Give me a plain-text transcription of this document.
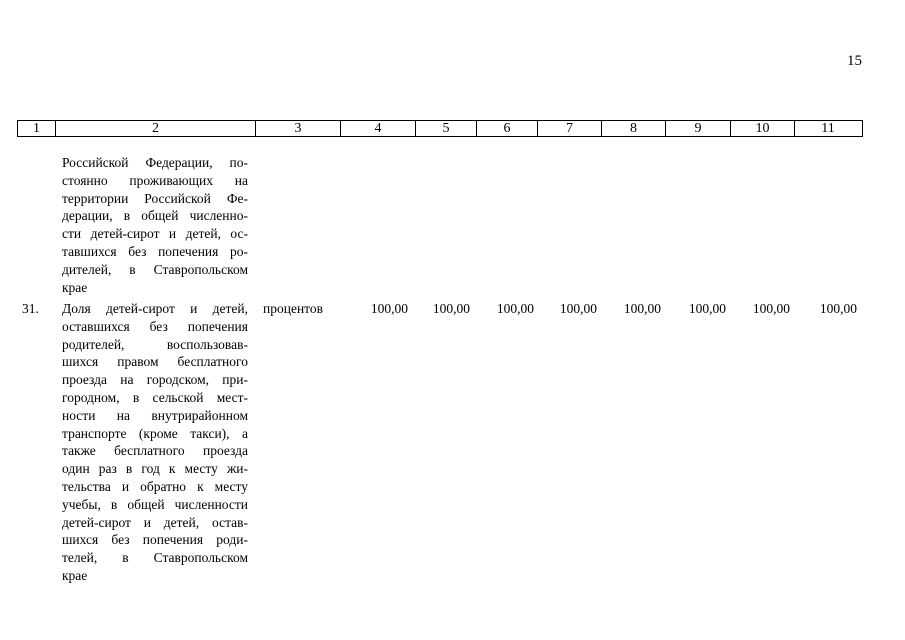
15
1	2	3	4	5	6	7	8	9	10	11
Российской Федерации, по-
стоянно проживающих на
территории Российской Фе-
дерации, в общей численно-
сти детей-сирот и детей, ос-
тавшихся без попечения ро-
дителей, в Ставропольском
крае
31. Доля детей-сирот и детей,
оставшихся без попечения
родителей, воспользовав-
шихся правом бесплатного
проезда на городском, при-
городном, в сельской мест-
ности на внутрирайонном
транспорте (кроме такси), а
также бесплатного проезда
один раз в год к месту жи-
тельства и обратно к месту
учебы, в общей численности
детей-сирот и детей, остав-
шихся без попечения роди-
телей, в Ставропольском
крае
процентов	100,00	100,00	100,00	100,00	100,00	100,00	100,00	100,00
